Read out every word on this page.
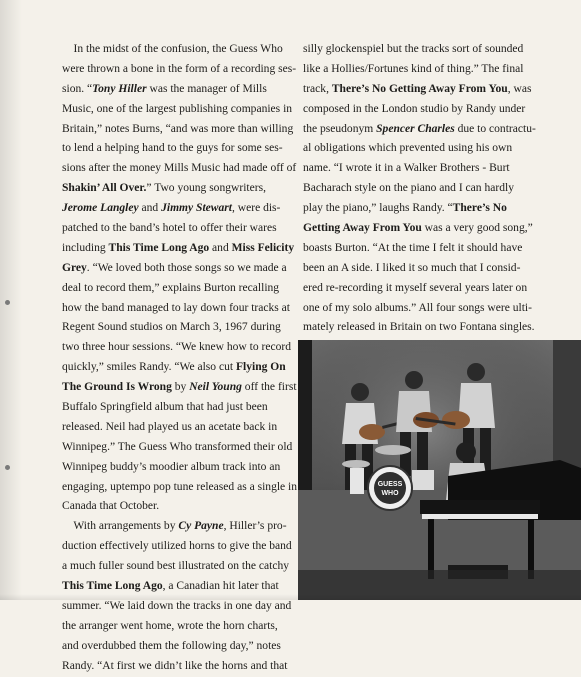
In the midst of the confusion, the Guess Who
were thrown a bone in the form of a recording ses-
sion. “Tony Hiller was the manager of Mills
Music, one of the largest publishing companies in
Britain,” notes Burns, “and was more than willing
to lend a helping hand to the guys for some ses-
sions after the money Mills Music had made off of
Shakin’ All Over.” Two young songwriters,
Jerome Langley and Jimmy Stewart, were dis-
patched to the band’s hotel to offer their wares
including This Time Long Ago and Miss Felicity
Grey. “We loved both those songs so we made a
deal to record them,” explains Burton recalling
how the band managed to lay down four tracks at
Regent Sound studios on March 3, 1967 during
two three hour sessions. “We knew how to record
quickly,” smiles Randy. “We also cut Flying On
The Ground Is Wrong by Neil Young off the first
Buffalo Springfield album that had just been
released. Neil had played us an acetate back in
Winnipeg.” The Guess Who transformed their old
Winnipeg buddy’s moodier album track into an
engaging, uptempo pop tune released as a single in
Canada that October.
With arrangements by Cy Payne, Hiller’s pro-
duction effectively utilized horns to give the band
a much fuller sound best illustrated on the catchy
This Time Long Ago, a Canadian hit later that
summer. “We laid down the tracks in one day and
the arranger went home, wrote the horn charts,
and overdubbed them the following day,” notes
Randy. “At first we didn’t like the horns and that
silly glockenspiel but the tracks sort of sounded
like a Hollies/Fortunes kind of thing.” The final
track, There’s No Getting Away From You, was
composed in the London studio by Randy under
the pseudonym Spencer Charles due to contractu-
al obligations which prevented using his own
name. “I wrote it in a Walker Brothers - Burt
Bacharach style on the piano and I can hardly
play the piano,” laughs Randy. “There’s No
Getting Away From You was a very good song,”
boasts Burton. “At the time I felt it should have
been an A side. I liked it so much that I consid-
ered re-recording it myself several years later on
one of my solo albums.” All four songs were ulti-
mately released in Britain on two Fontana singles.
GUESS
WHO
